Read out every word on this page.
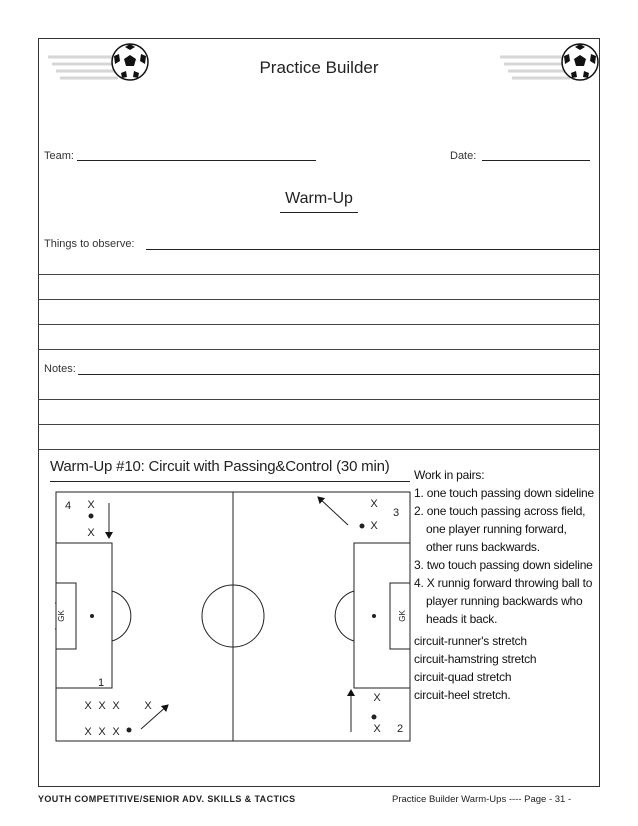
Practice Builder
Team:	Date:
Warm-Up
Things to observe:
Notes:
Warm-Up #10: Circuit with Passing&Control (30 min)
4
3
1
2
X
X
X
X
X X X X
X X X
X
X
GK	GK
Work in pairs:
1. one touch passing down sideline
2. one touch passing across field,
one player running forward,
other runs backwards.
3. two touch passing down sideline
4. X runnig forward throwing ball to
player running backwards who
heads it back.
circuit-runner's stretch
circuit-hamstring stretch
circuit-quad stretch
circuit-heel stretch.
YOUTH COMPETITIVE/SENIOR ADV. SKILLS & TACTICS	Practice Builder Warm-Ups ---- Page - 31 -
